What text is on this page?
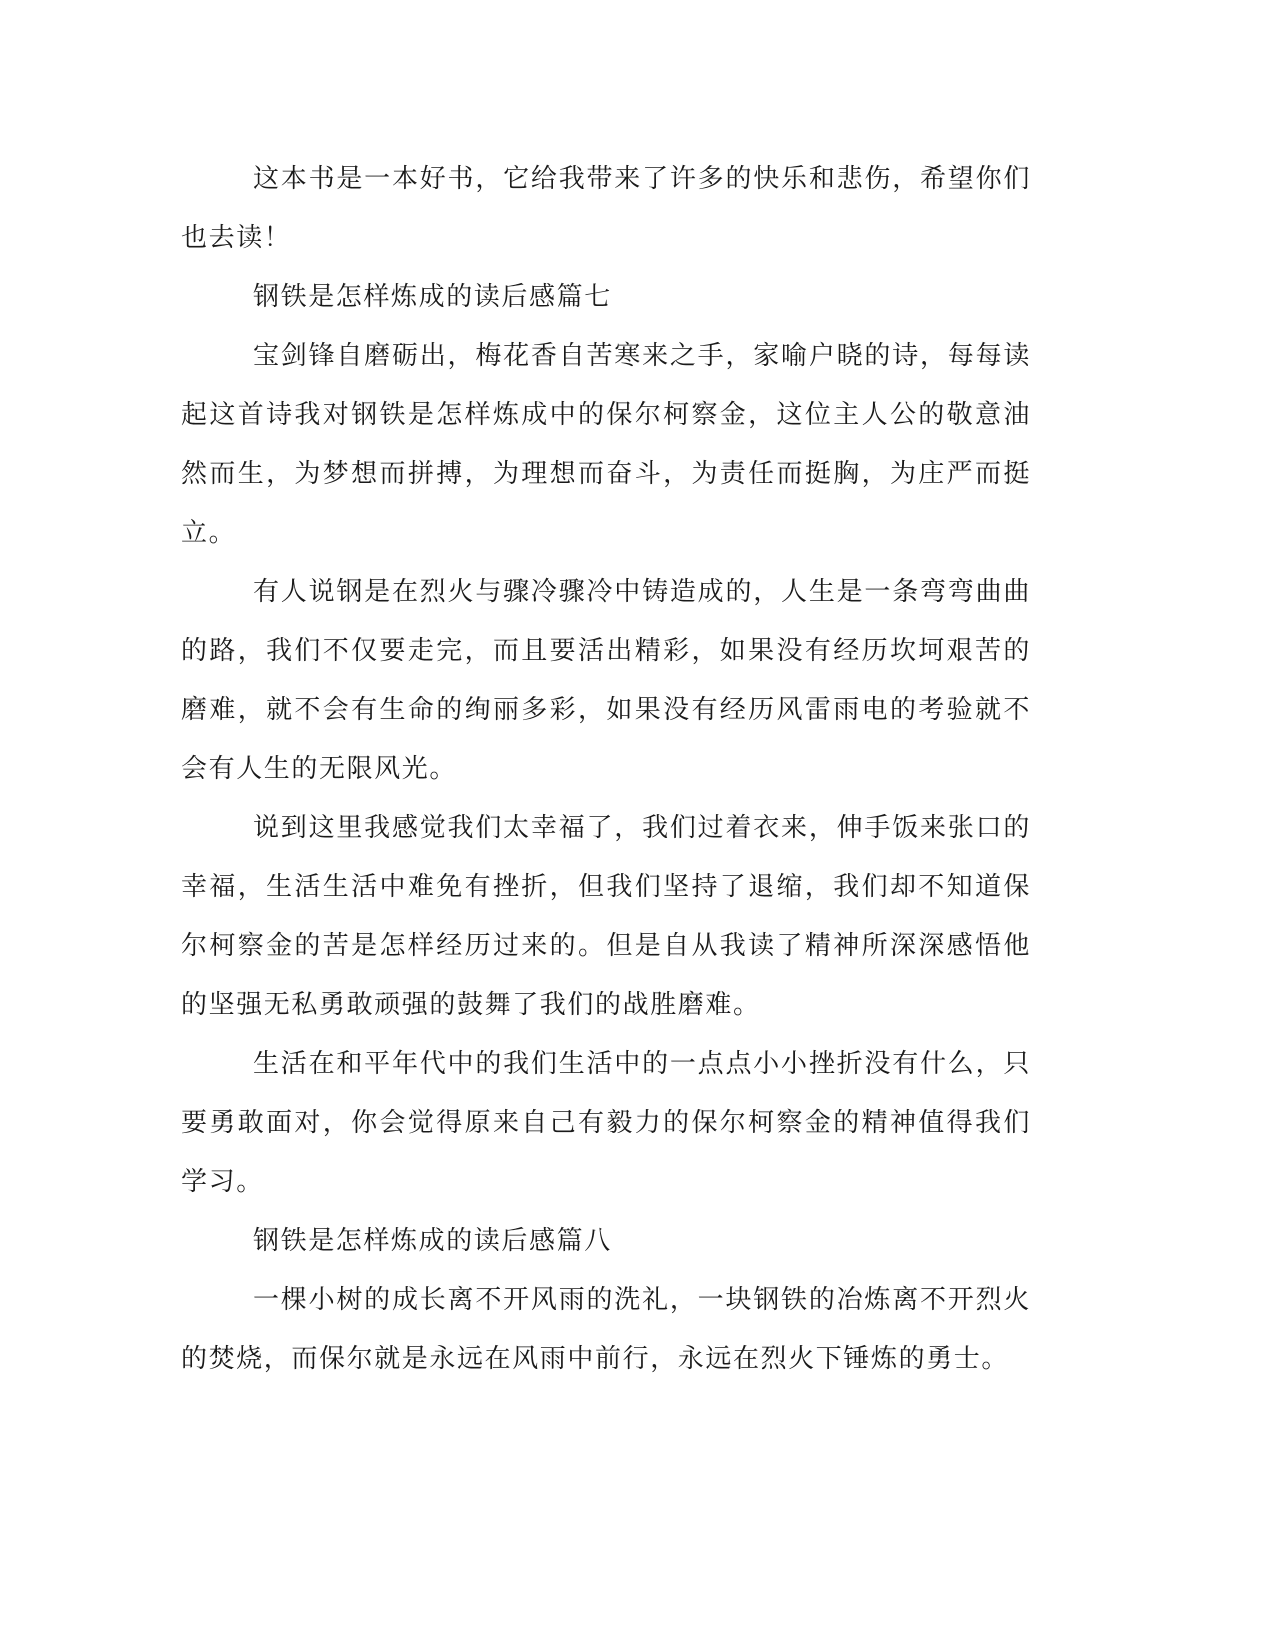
这本书是一本好书，它给我带来了许多的快乐和悲伤，希望你们也去读！

钢铁是怎样炼成的读后感篇七

宝剑锋自磨砺出，梅花香自苦寒来之手，家喻户晓的诗，每每读起这首诗我对钢铁是怎样炼成中的保尔柯察金，这位主人公的敬意油然而生，为梦想而拼搏，为理想而奋斗，为责任而挺胸，为庄严而挺立。

有人说钢是在烈火与骤冷骤冷中铸造成的，人生是一条弯弯曲曲的路，我们不仅要走完，而且要活出精彩，如果没有经历坎坷艰苦的磨难，就不会有生命的绚丽多彩，如果没有经历风雷雨电的考验就不会有人生的无限风光。

说到这里我感觉我们太幸福了，我们过着衣来，伸手饭来张口的幸福，生活生活中难免有挫折，但我们坚持了退缩，我们却不知道保尔柯察金的苦是怎样经历过来的。但是自从我读了精神所深深感悟他的坚强无私勇敢顽强的鼓舞了我们的战胜磨难。

生活在和平年代中的我们生活中的一点点小小挫折没有什么，只要勇敢面对，你会觉得原来自己有毅力的保尔柯察金的精神值得我们学习。

钢铁是怎样炼成的读后感篇八

一棵小树的成长离不开风雨的洗礼，一块钢铁的冶炼离不开烈火的焚烧，而保尔就是永远在风雨中前行，永远在烈火下锤炼的勇士。
